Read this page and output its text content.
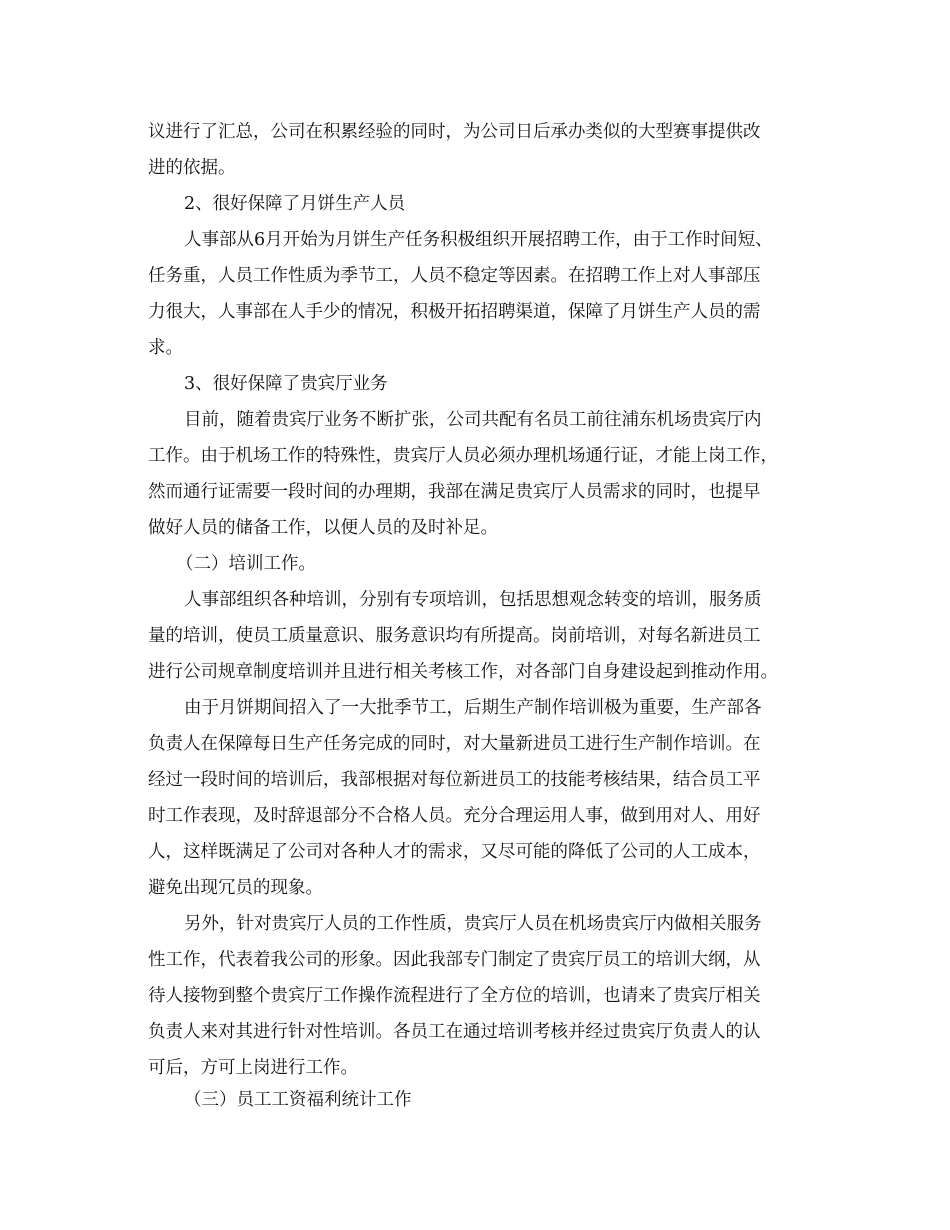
议进行了汇总，公司在积累经验的同时，为公司日后承办类似的大型赛事提供改

进的依据。

2、很好保障了月饼生产人员

人事部从6月开始为月饼生产任务积极组织开展招聘工作，由于工作时间短、

任务重，人员工作性质为季节工，人员不稳定等因素。在招聘工作上对人事部压

力很大，人事部在人手少的情况，积极开拓招聘渠道，保障了月饼生产人员的需

求。

3、很好保障了贵宾厅业务

目前，随着贵宾厅业务不断扩张，公司共配有名员工前往浦东机场贵宾厅内

工作。由于机场工作的特殊性，贵宾厅人员必须办理机场通行证，才能上岗工作，

然而通行证需要一段时间的办理期，我部在满足贵宾厅人员需求的同时，也提早

做好人员的储备工作，以便人员的及时补足。

（二）培训工作。

人事部组织各种培训，分别有专项培训，包括思想观念转变的培训，服务质

量的培训，使员工质量意识、服务意识均有所提高。岗前培训，对每名新进员工

进行公司规章制度培训并且进行相关考核工作，对各部门自身建设起到推动作用。

由于月饼期间招入了一大批季节工，后期生产制作培训极为重要，生产部各

负责人在保障每日生产任务完成的同时，对大量新进员工进行生产制作培训。在

经过一段时间的培训后，我部根据对每位新进员工的技能考核结果，结合员工平

时工作表现，及时辞退部分不合格人员。充分合理运用人事，做到用对人、用好

人，这样既满足了公司对各种人才的需求，又尽可能的降低了公司的人工成本，

避免出现冗员的现象。

另外，针对贵宾厅人员的工作性质，贵宾厅人员在机场贵宾厅内做相关服务

性工作，代表着我公司的形象。因此我部专门制定了贵宾厅员工的培训大纲，从

待人接物到整个贵宾厅工作操作流程进行了全方位的培训，也请来了贵宾厅相关

负责人来对其进行针对性培训。各员工在通过培训考核并经过贵宾厅负责人的认

可后，方可上岗进行工作。

（三）员工工资福利统计工作
